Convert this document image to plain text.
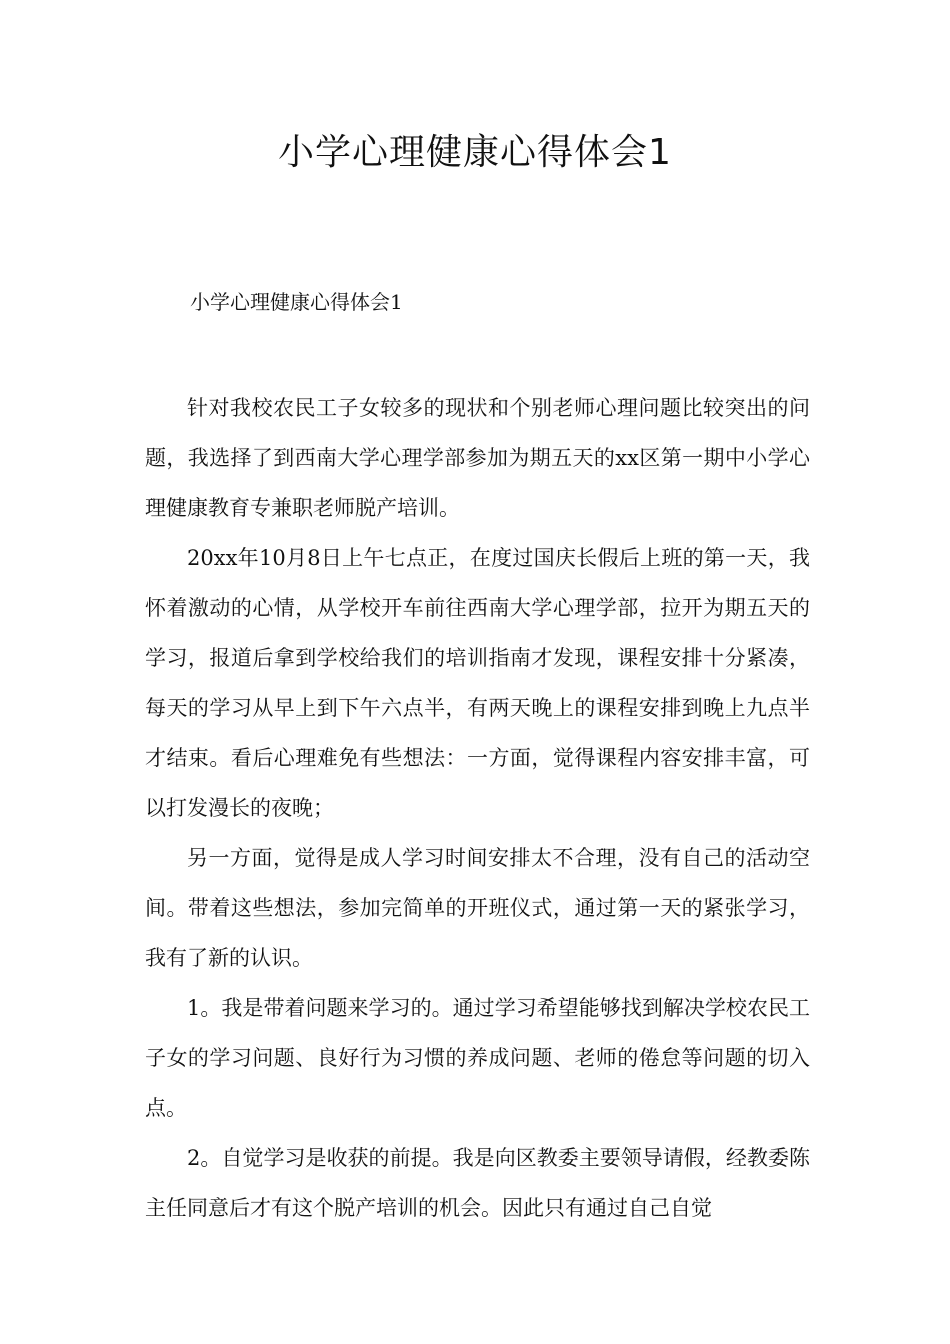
小学心理健康心得体会1

小学心理健康心得体会1

针对我校农民工子女较多的现状和个别老师心理问题比较突出的问题，我选择了到西南大学心理学部参加为期五天的xx区第一期中小学心理健康教育专兼职老师脱产培训。

20xx年10月8日上午七点正，在度过国庆长假后上班的第一天，我怀着激动的心情，从学校开车前往西南大学心理学部，拉开为期五天的学习，报道后拿到学校给我们的培训指南才发现，课程安排十分紧凑，每天的学习从早上到下午六点半，有两天晚上的课程安排到晚上九点半才结束。看后心理难免有些想法：一方面，觉得课程内容安排丰富，可以打发漫长的夜晚；

另一方面，觉得是成人学习时间安排太不合理，没有自己的活动空间。带着这些想法，参加完简单的开班仪式，通过第一天的紧张学习，我有了新的认识。

1。我是带着问题来学习的。通过学习希望能够找到解决学校农民工子女的学习问题、良好行为习惯的养成问题、老师的倦怠等问题的切入点。

2。自觉学习是收获的前提。我是向区教委主要领导请假，经教委陈主任同意后才有这个脱产培训的机会。因此只有通过自己自觉
